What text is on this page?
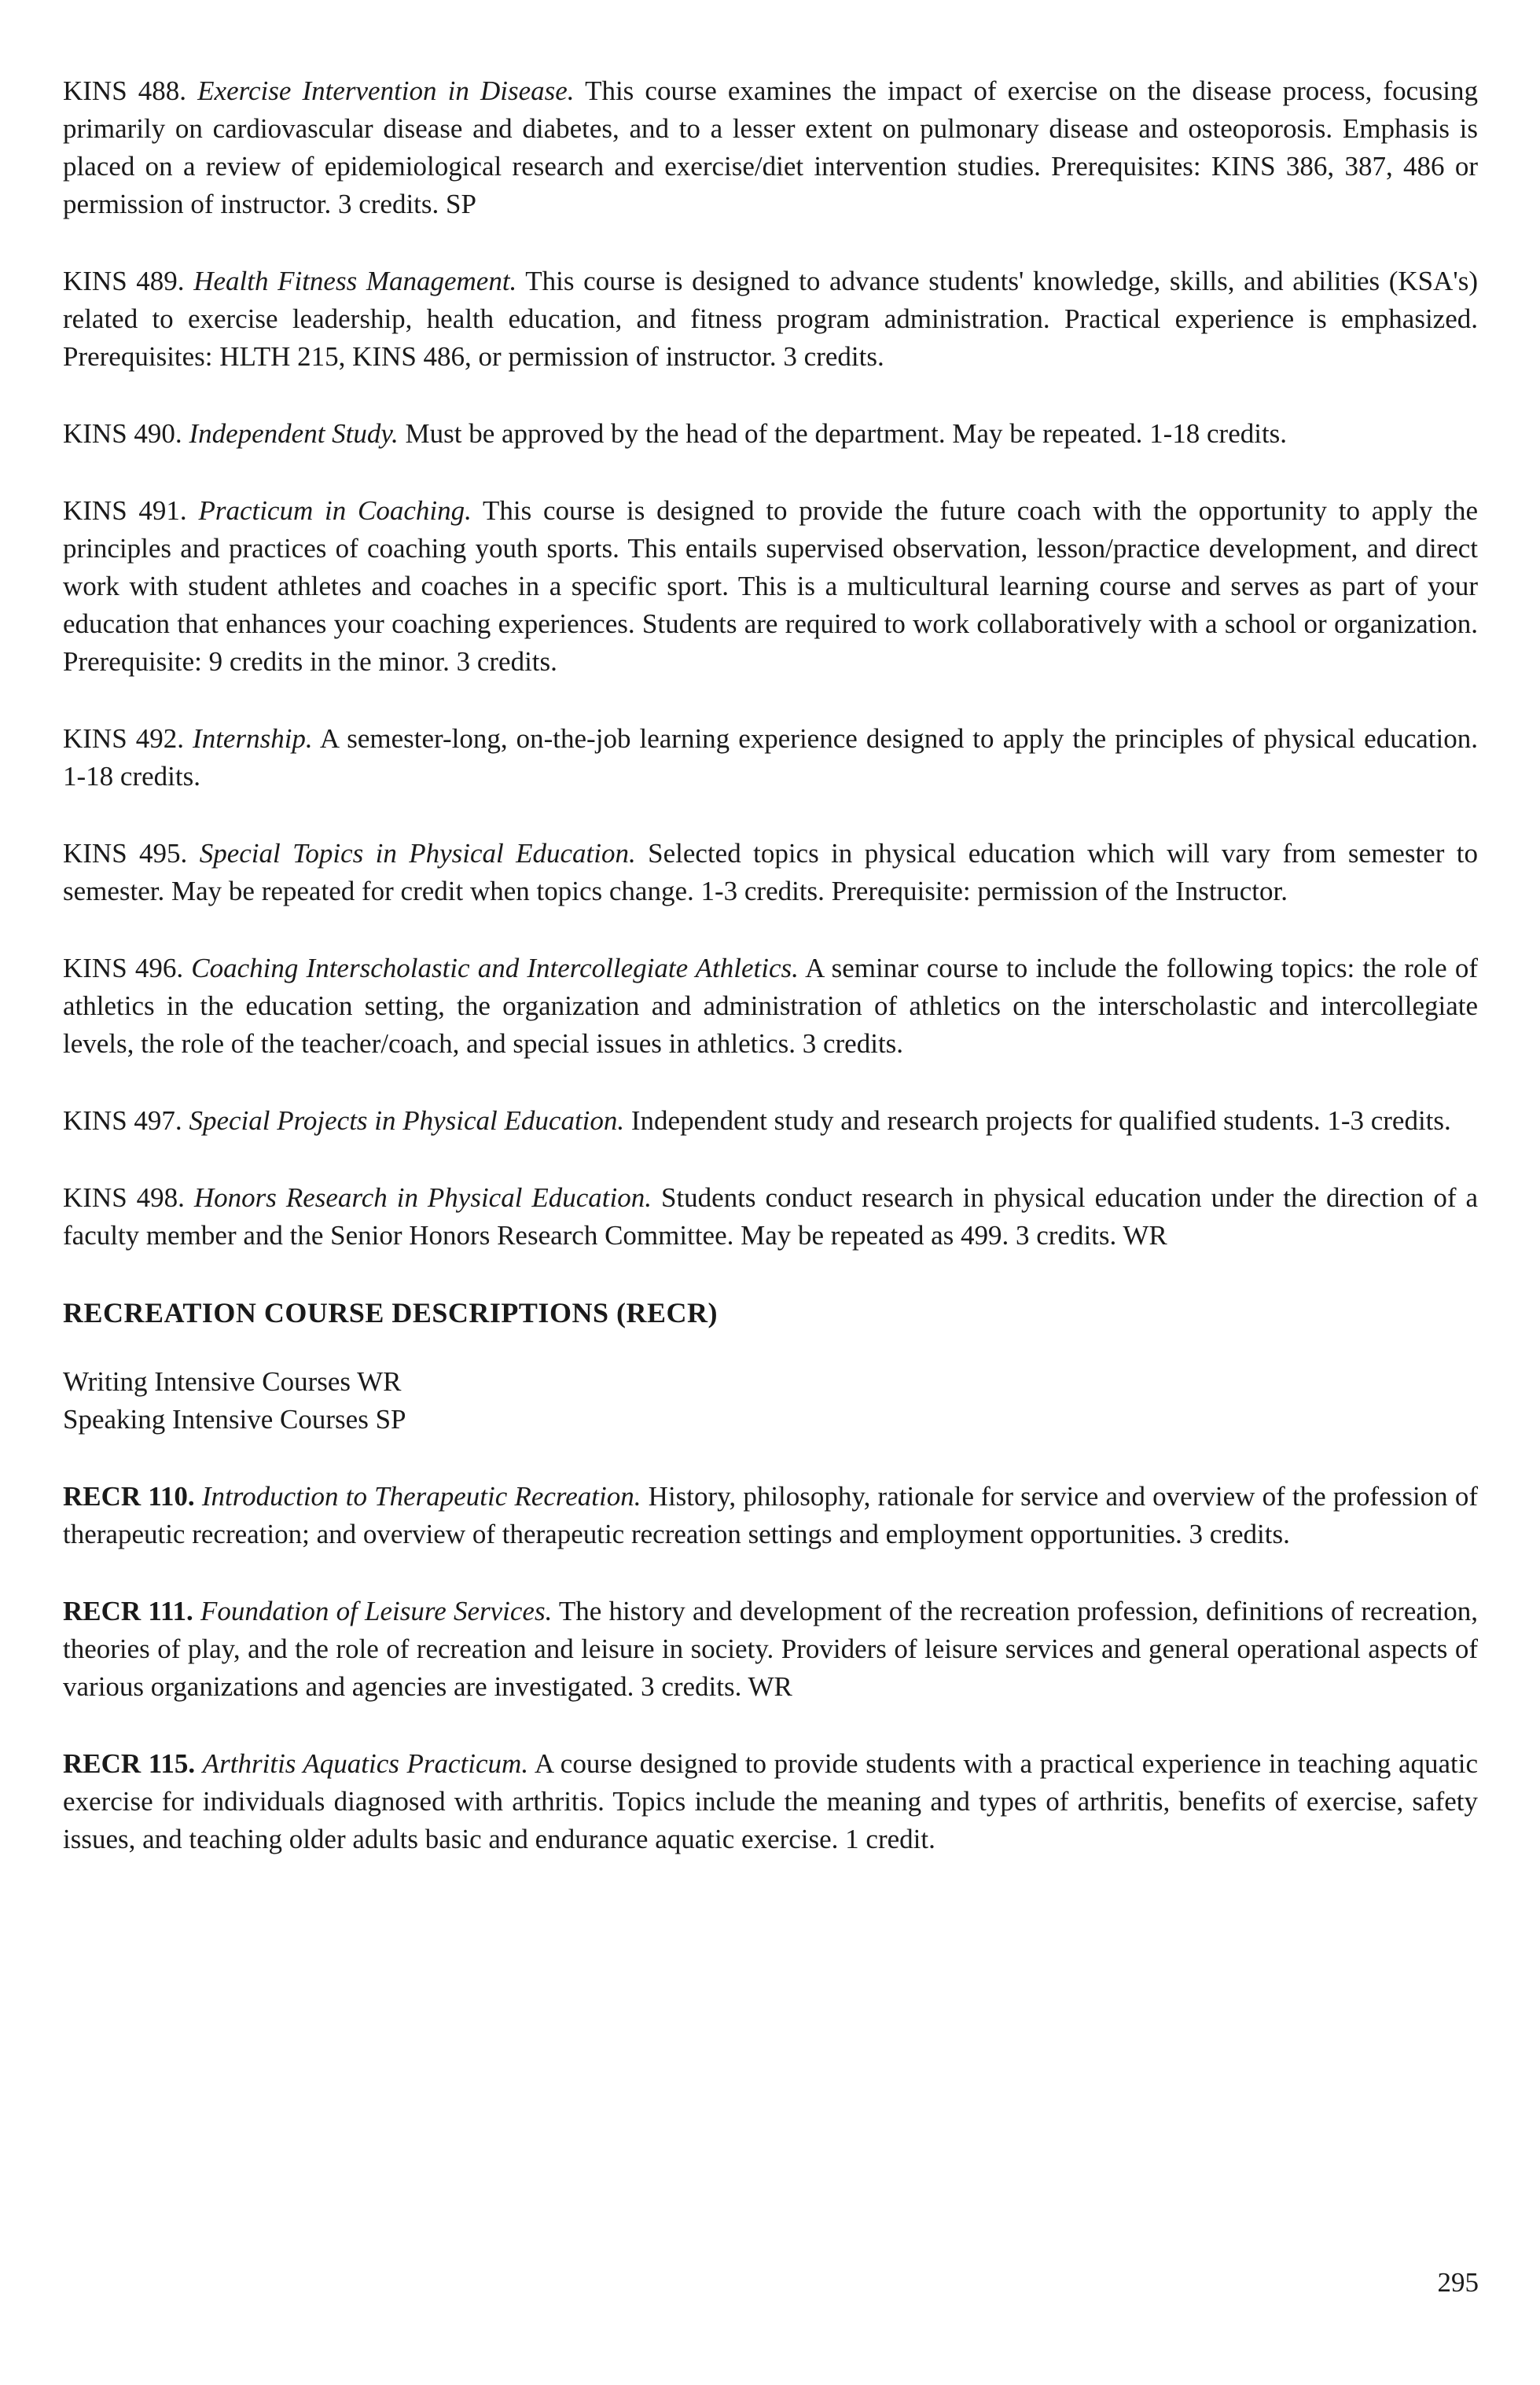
KINS 488. Exercise Intervention in Disease. This course examines the impact of exercise on the disease process, focusing primarily on cardiovascular disease and diabetes, and to a lesser extent on pulmonary disease and osteoporosis. Emphasis is placed on a review of epidemiological research and exercise/diet intervention studies. Prerequisites: KINS 386, 387, 486 or permission of instructor. 3 credits. SP

KINS 489. Health Fitness Management. This course is designed to advance students' knowledge, skills, and abilities (KSA's) related to exercise leadership, health education, and fitness program administration. Practical experience is emphasized. Prerequisites: HLTH 215, KINS 486, or permission of instructor. 3 credits.

KINS 490. Independent Study. Must be approved by the head of the department. May be repeated. 1-18 credits.

KINS 491. Practicum in Coaching. This course is designed to provide the future coach with the opportunity to apply the principles and practices of coaching youth sports. This entails supervised observation, lesson/practice development, and direct work with student athletes and coaches in a specific sport. This is a multicultural learning course and serves as part of your education that enhances your coaching experiences. Students are required to work collaboratively with a school or organization. Prerequisite: 9 credits in the minor. 3 credits.

KINS 492. Internship. A semester-long, on-the-job learning experience designed to apply the principles of physical education. 1-18 credits.

KINS 495. Special Topics in Physical Education. Selected topics in physical education which will vary from semester to semester. May be repeated for credit when topics change. 1-3 credits. Prerequisite: permission of the Instructor.

KINS 496. Coaching Interscholastic and Intercollegiate Athletics. A seminar course to include the following topics: the role of athletics in the education setting, the organization and administration of athletics on the interscholastic and intercollegiate levels, the role of the teacher/coach, and special issues in athletics. 3 credits.

KINS 497. Special Projects in Physical Education. Independent study and research projects for qualified students. 1-3 credits.

KINS 498. Honors Research in Physical Education. Students conduct research in physical education under the direction of a faculty member and the Senior Honors Research Committee. May be repeated as 499. 3 credits. WR

RECREATION COURSE DESCRIPTIONS (RECR)
Writing Intensive Courses WR
Speaking Intensive Courses SP

RECR 110. Introduction to Therapeutic Recreation. History, philosophy, rationale for service and overview of the profession of therapeutic recreation; and overview of therapeutic recreation settings and employment opportunities. 3 credits.

RECR 111. Foundation of Leisure Services. The history and development of the recreation profession, definitions of recreation, theories of play, and the role of recreation and leisure in society. Providers of leisure services and general operational aspects of various organizations and agencies are investigated. 3 credits. WR

RECR 115. Arthritis Aquatics Practicum. A course designed to provide students with a practical experience in teaching aquatic exercise for individuals diagnosed with arthritis. Topics include the meaning and types of arthritis, benefits of exercise, safety issues, and teaching older adults basic and endurance aquatic exercise. 1 credit.

295
